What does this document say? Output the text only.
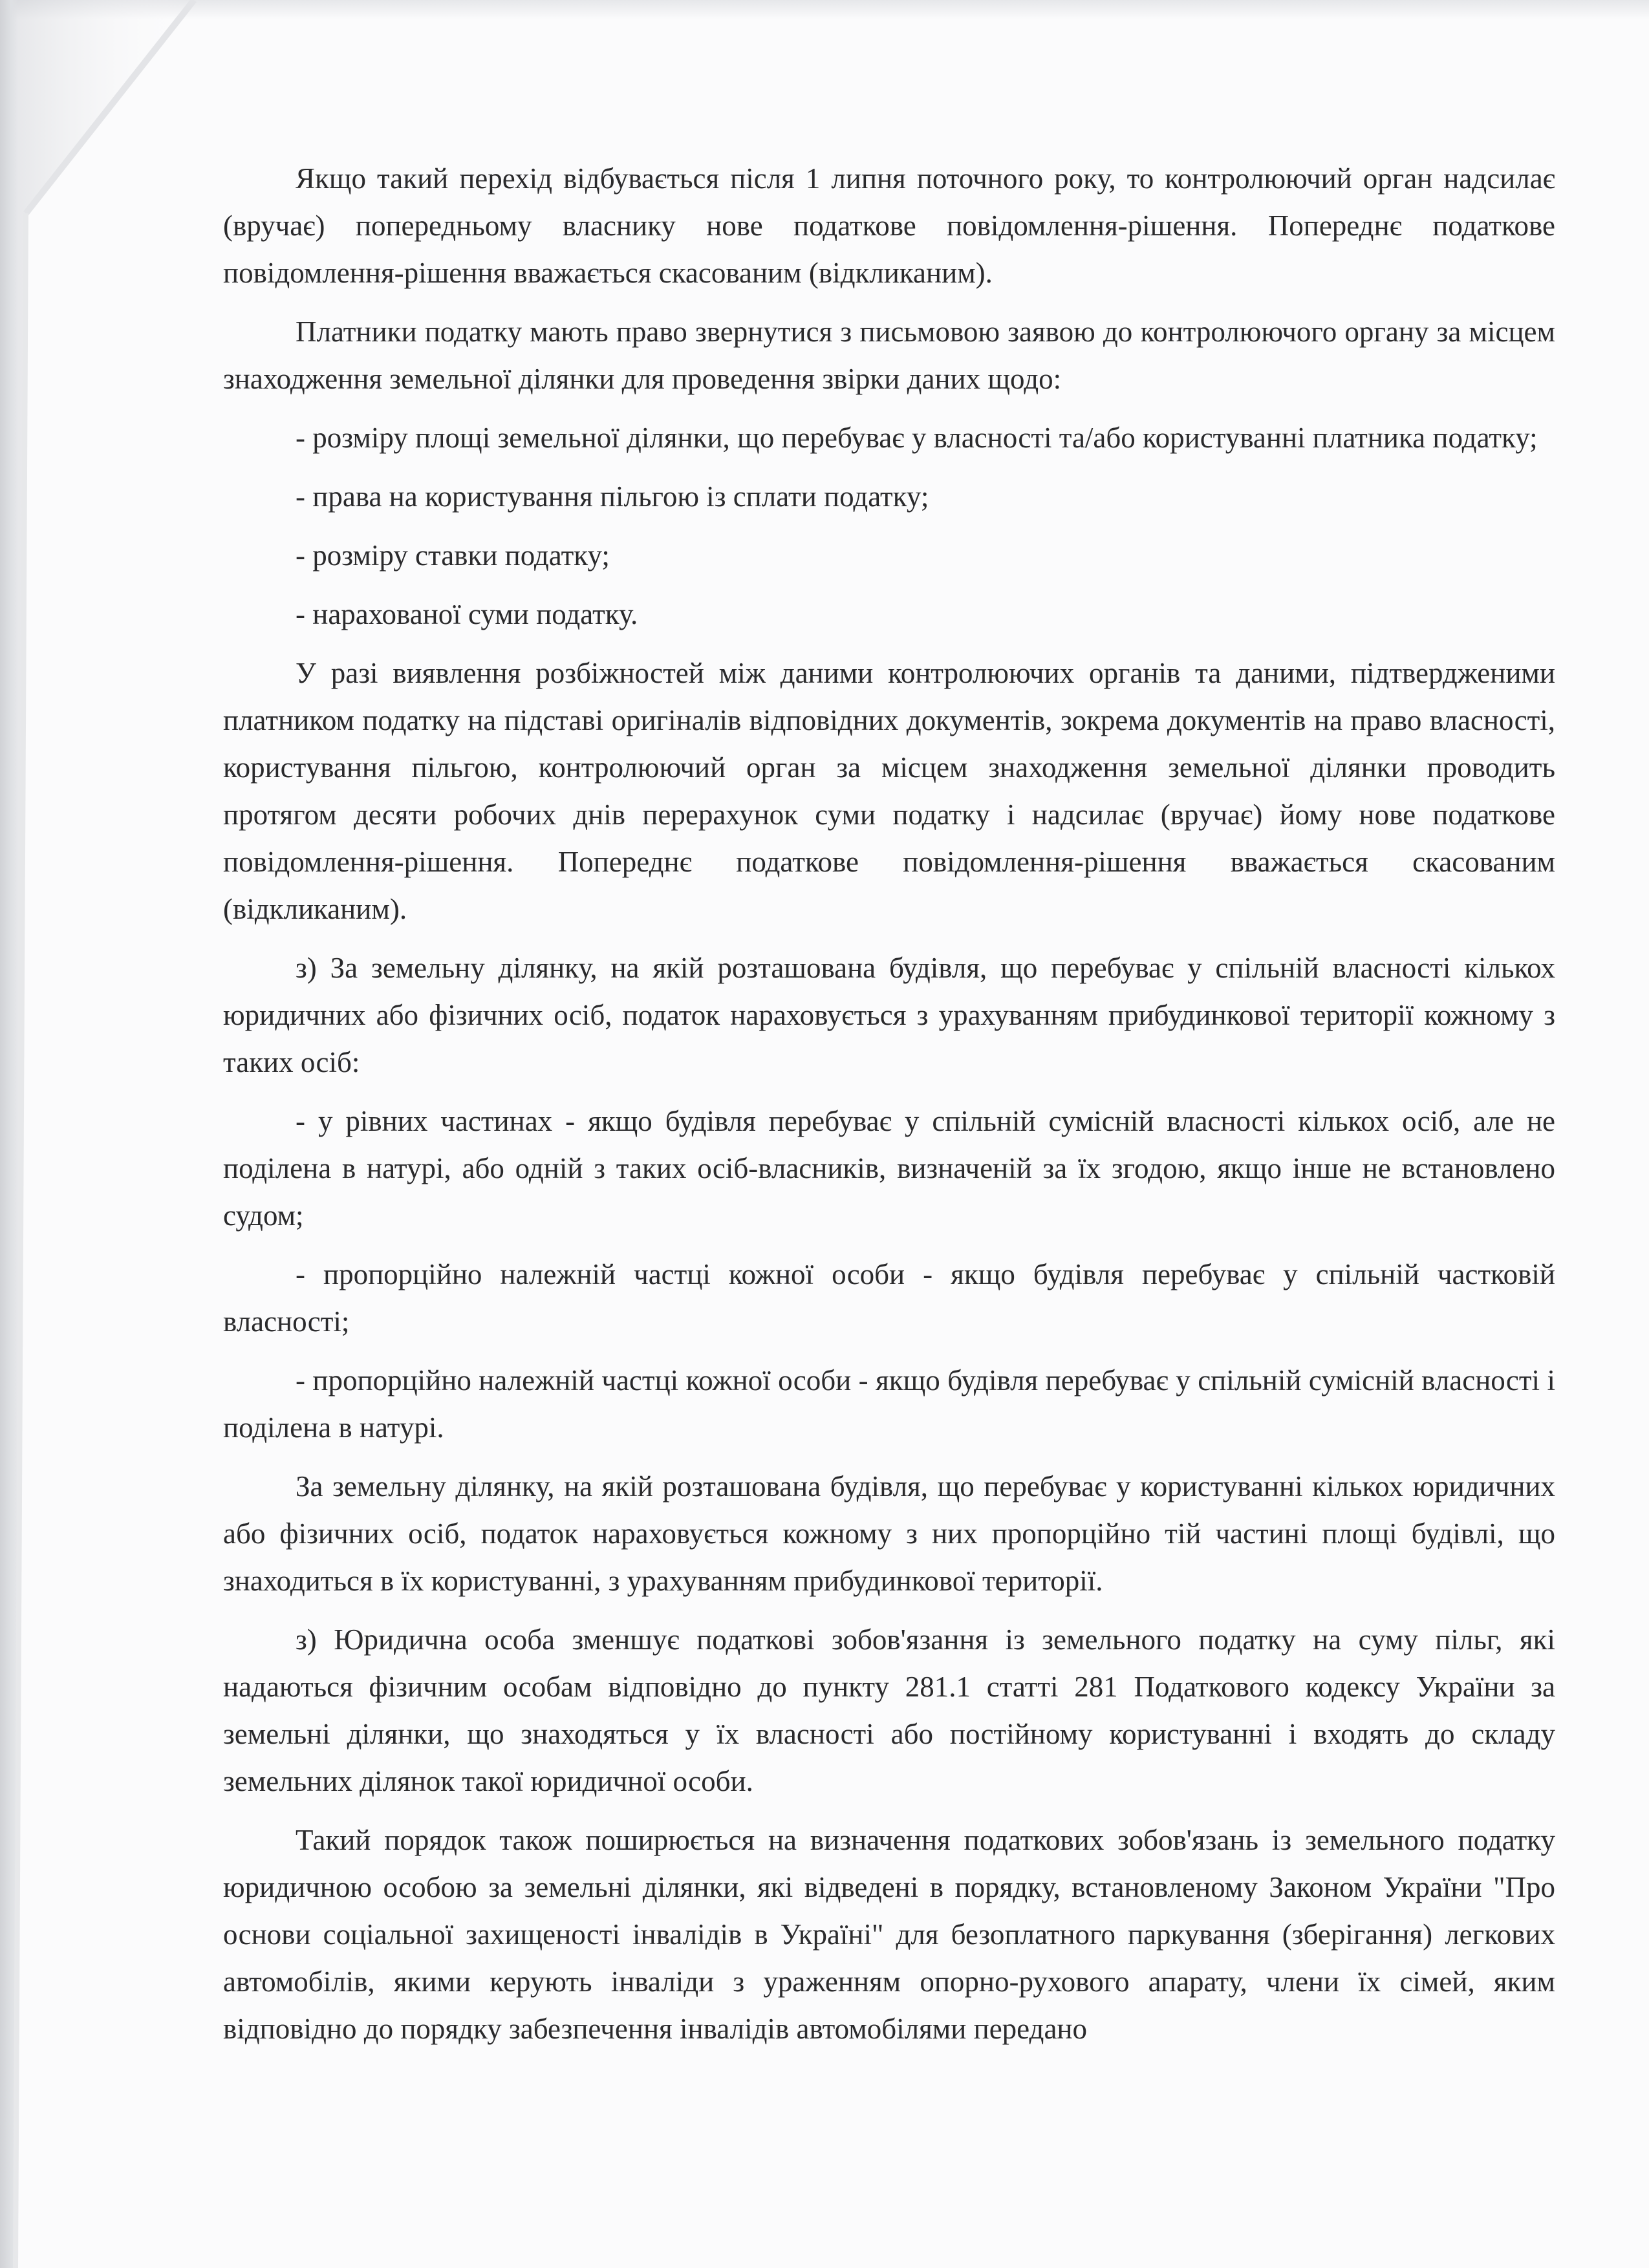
Якщо такий перехід відбувається після 1 липня поточного року, то контролюючий орган надсилає (вручає) попередньому власнику нове податкове повідомлення-рішення. Попереднє податкове повідомлення-рішення вважається скасованим (відкликаним).

Платники податку мають право звернутися з письмовою заявою до контролюючого органу за місцем знаходження земельної ділянки для проведення звірки даних щодо:

- розміру площі земельної ділянки, що перебуває у власності та/або користуванні платника податку;

- права на користування пільгою із сплати податку;

- розміру ставки податку;

- нарахованої суми податку.

У разі виявлення розбіжностей між даними контролюючих органів та даними, підтвердженими платником податку на підставі оригіналів відповідних документів, зокрема документів на право власності, користування пільгою, контролюючий орган за місцем знаходження земельної ділянки проводить протягом десяти робочих днів перерахунок суми податку і надсилає (вручає) йому нове податкове повідомлення-рішення. Попереднє податкове повідомлення-рішення вважається скасованим (відкликаним).

з) За земельну ділянку, на якій розташована будівля, що перебуває у спільній власності кількох юридичних або фізичних осіб, податок нараховується з урахуванням прибудинкової території кожному з таких осіб:

- у рівних частинах - якщо будівля перебуває у спільній сумісній власності кількох осіб, але не поділена в натурі, або одній з таких осіб-власників, визначеній за їх згодою, якщо інше не встановлено судом;

- пропорційно належній частці кожної особи - якщо будівля перебуває у спільній частковій власності;

- пропорційно належній частці кожної особи - якщо будівля перебуває у спільній сумісній власності і поділена в натурі.

За земельну ділянку, на якій розташована будівля, що перебуває у користуванні кількох юридичних або фізичних осіб, податок нараховується кожному з них пропорційно тій частині площі будівлі, що знаходиться в їх користуванні, з урахуванням прибудинкової території.

з) Юридична особа зменшує податкові зобов'язання із земельного податку на суму пільг, які надаються фізичним особам відповідно до пункту 281.1 статті 281 Податкового кодексу України за земельні ділянки, що знаходяться у їх власності або постійному користуванні і входять до складу земельних ділянок такої юридичної особи.

Такий порядок також поширюється на визначення податкових зобов'язань із земельного податку юридичною особою за земельні ділянки, які відведені в порядку, встановленому Законом України "Про основи соціальної захищеності інвалідів в Україні" для безоплатного паркування (зберігання) легкових автомобілів, якими керують інваліди з ураженням опорно-рухового апарату, члени їх сімей, яким відповідно до порядку забезпечення інвалідів автомобілями передано
